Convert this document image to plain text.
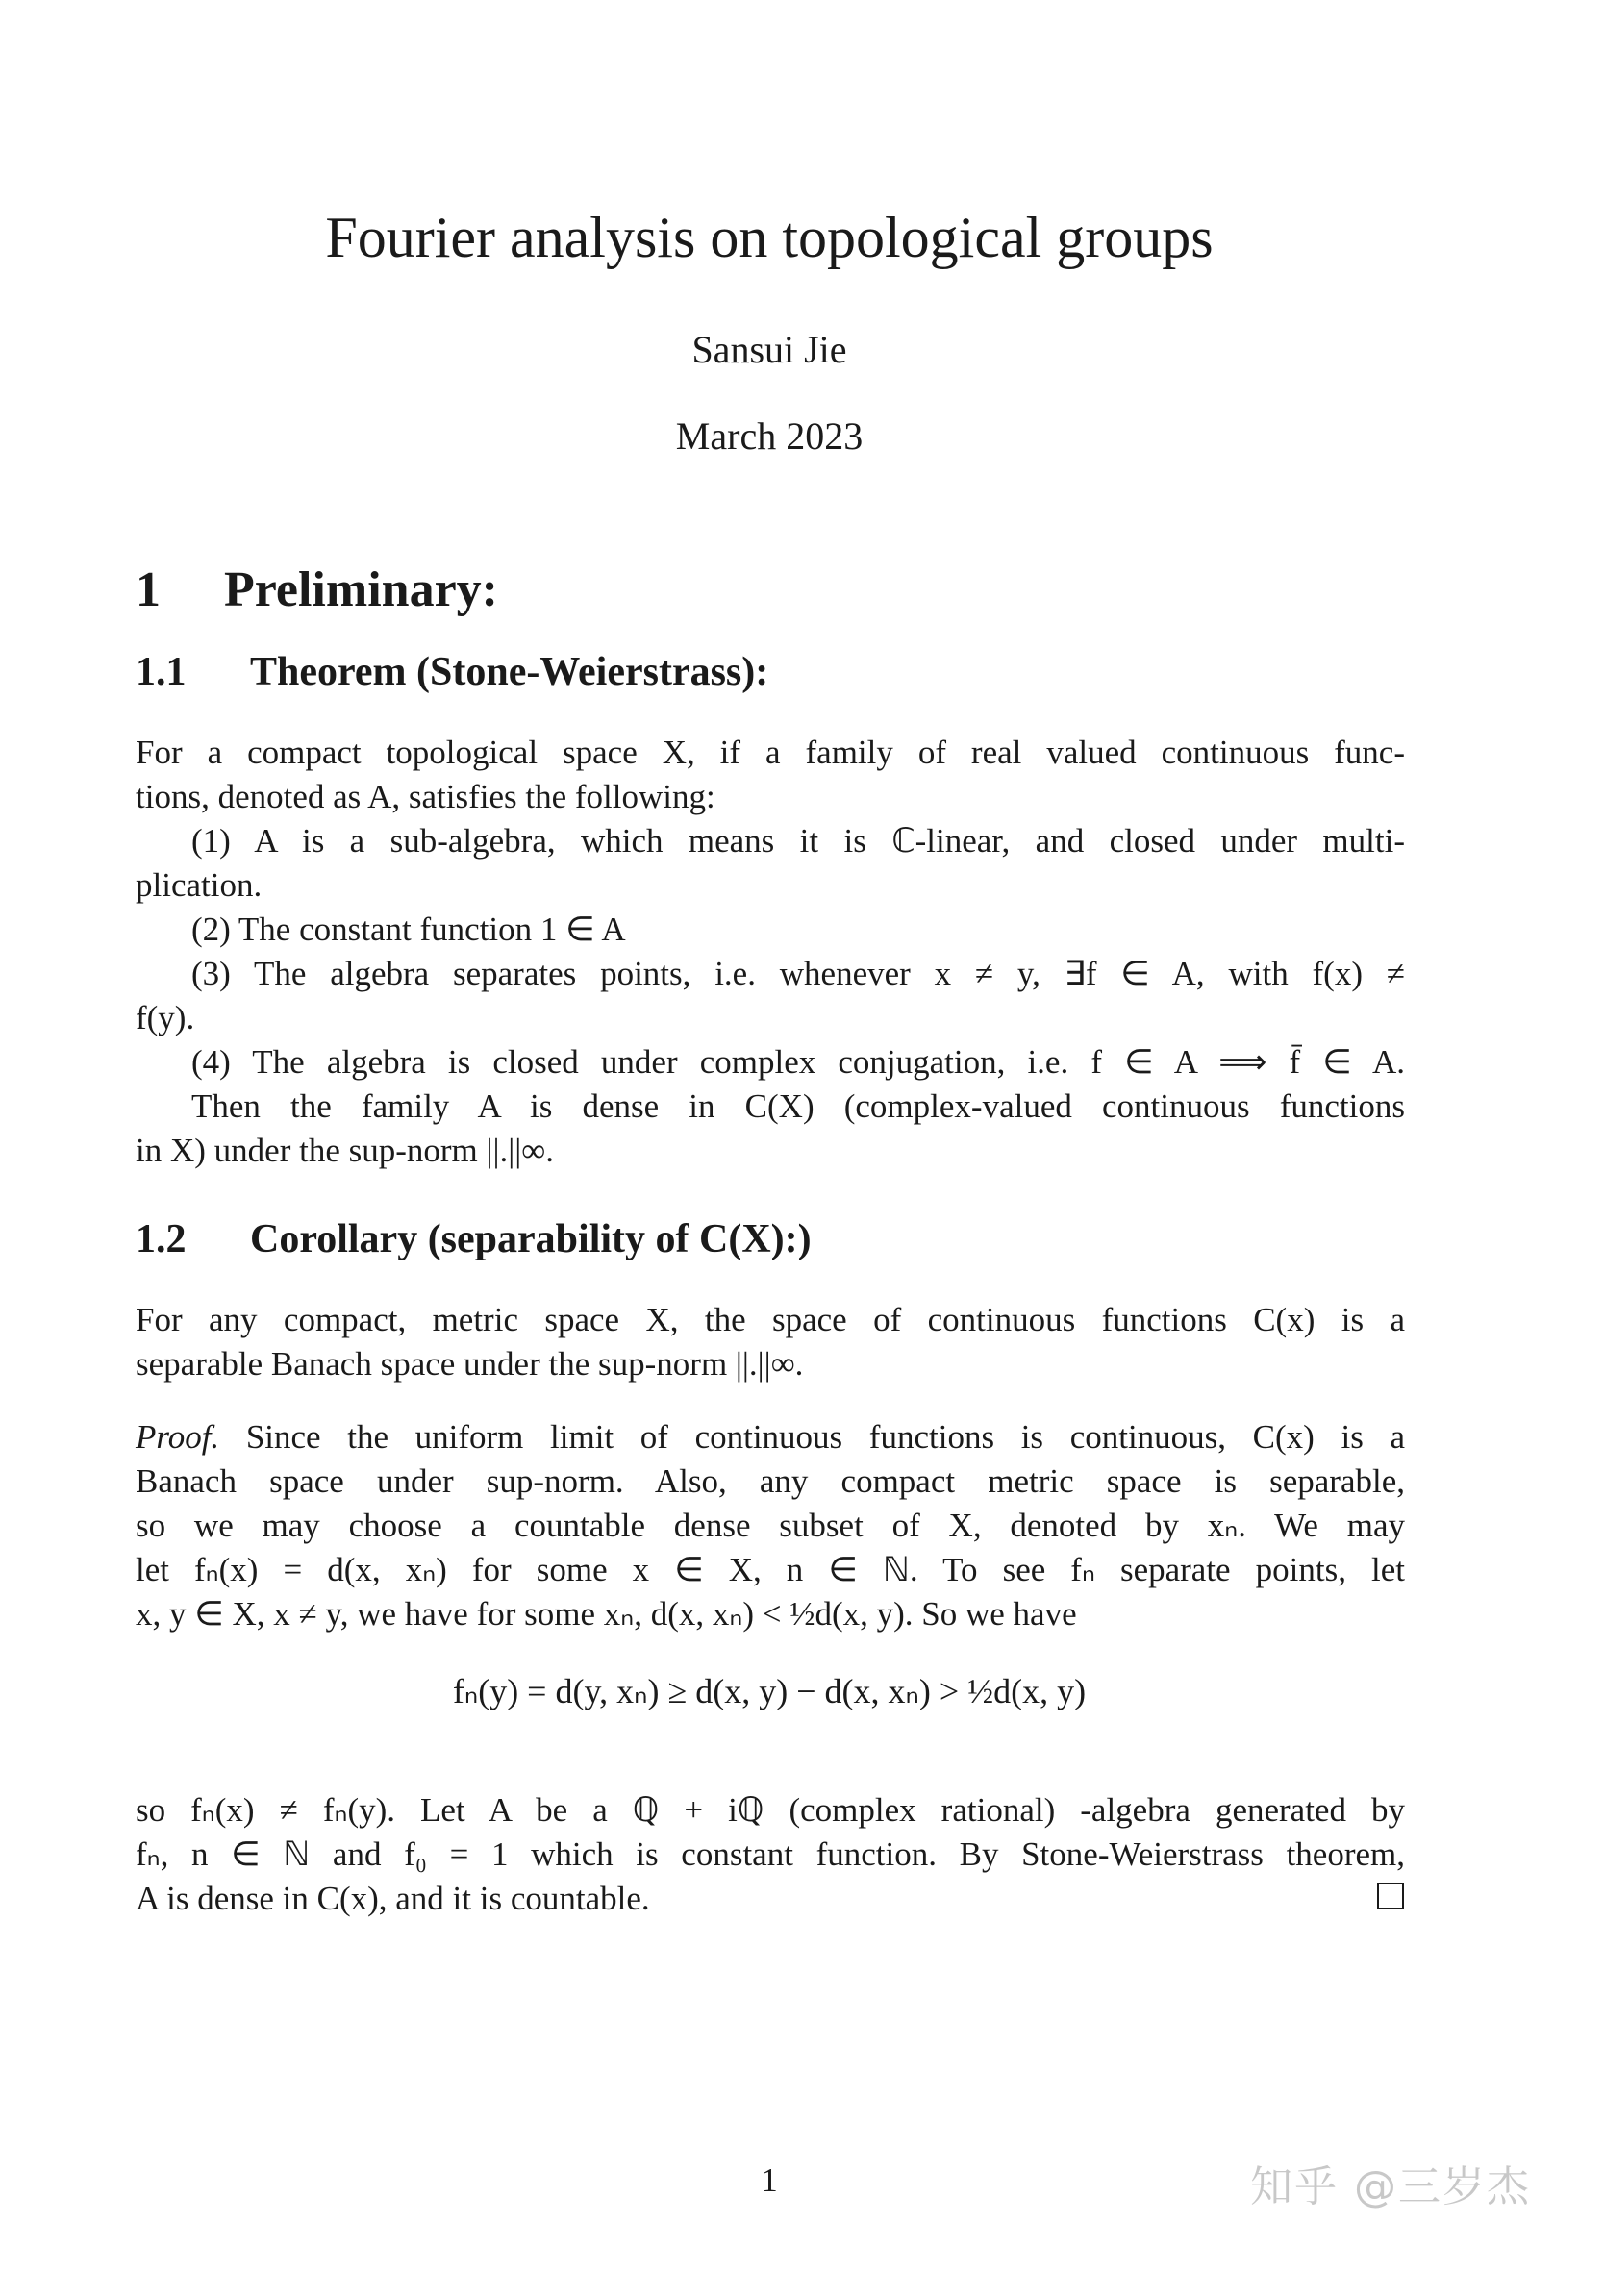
Fourier analysis on topological groups
Sansui Jie
March 2023
1 Preliminary:
1.1 Theorem (Stone-Weierstrass):
For a compact topological space X, if a family of real valued continuous func-
tions, denoted as A, satisfies the following:
(1) A is a sub-algebra, which means it is ℂ-linear, and closed under multi-
plication.
(2) The constant function 1 ∈ A
(3) The algebra separates points, i.e. whenever x ≠ y, ∃f ∈ A, with f(x) ≠
f(y).
(4) The algebra is closed under complex conjugation, i.e. f ∈ A ⟹ f̄ ∈ A.
Then the family A is dense in C(X) (complex-valued continuous functions
in X) under the sup-norm ||.||∞.
1.2 Corollary (separability of C(X):)
For any compact, metric space X, the space of continuous functions C(x) is a
separable Banach space under the sup-norm ||.||∞.
Proof. Since the uniform limit of continuous functions is continuous, C(x) is a
Banach space under sup-norm. Also, any compact metric space is separable,
so we may choose a countable dense subset of X, denoted by xₙ. We may
let fₙ(x) = d(x, xₙ) for some x ∈ X, n ∈ ℕ. To see fₙ separate points, let
x, y ∈ X, x ≠ y, we have for some xₙ, d(x, xₙ) < ½d(x, y). So we have
fₙ(y) = d(y, xₙ) ≥ d(x, y) − d(x, xₙ) > ½d(x, y)
so fₙ(x) ≠ fₙ(y). Let A be a ℚ + iℚ (complex rational) -algebra generated by
fₙ, n ∈ ℕ and f₀ = 1 which is constant function. By Stone-Weierstrass theorem,
A is dense in C(x), and it is countable.
1	知乎 @三岁杰
